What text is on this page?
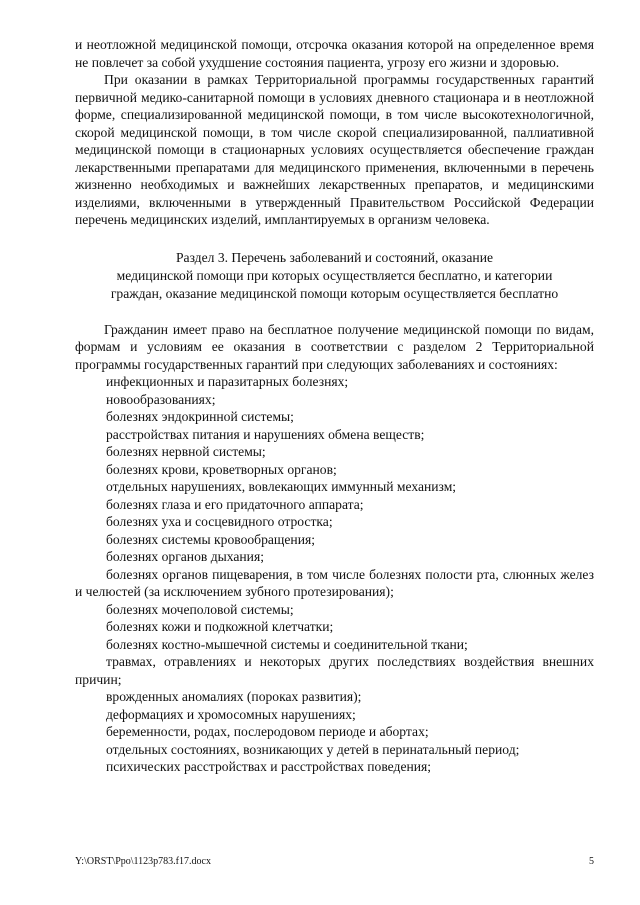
и неотложной медицинской помощи, отсрочка оказания которой на определенное время не повлечет за собой ухудшение состояния пациента, угрозу его жизни и здоровью.

При оказании в рамках Территориальной программы государственных гарантий первичной медико-санитарной помощи в условиях дневного стационара и в неотложной форме, специализированной медицинской помощи, в том числе высокотехнологичной, скорой медицинской помощи, в том числе скорой специализированной, паллиативной медицинской помощи в стационарных условиях осуществляется обеспечение граждан лекарственными препаратами для медицинского применения, включенными в перечень жизненно необходимых и важнейших лекарственных препаратов, и медицинскими изделиями, включенными в утвержденный Правительством Российской Федерации перечень медицинских изделий, имплантируемых в организм человека.

Раздел 3. Перечень заболеваний и состояний, оказание
медицинской помощи при которых осуществляется бесплатно, и категории
граждан, оказание медицинской помощи которым осуществляется бесплатно

Гражданин имеет право на бесплатное получение медицинской помощи по видам, формам и условиям ее оказания в соответствии с разделом 2 Территориальной программы государственных гарантий при следующих заболеваниях и состояниях:

инфекционных и паразитарных болезнях;

новообразованиях;

болезнях эндокринной системы;

расстройствах питания и нарушениях обмена веществ;

болезнях нервной системы;

болезнях крови, кроветворных органов;

отдельных нарушениях, вовлекающих иммунный механизм;

болезнях глаза и его придаточного аппарата;

болезнях уха и сосцевидного отростка;

болезнях системы кровообращения;

болезнях органов дыхания;

болезнях органов пищеварения, в том числе болезнях полости рта, слюнных желез и челюстей (за исключением зубного протезирования);

болезнях мочеполовой системы;

болезнях кожи и подкожной клетчатки;

болезнях костно-мышечной системы и соединительной ткани;

травмах, отравлениях и некоторых других последствиях воздействия внешних причин;

врожденных аномалиях (пороках развития);

деформациях и хромосомных нарушениях;

беременности, родах, послеродовом периоде и абортах;

отдельных состояниях, возникающих у детей в перинатальный период;

психических расстройствах и расстройствах поведения;

Y:\ORST\Ppo\1123p783.f17.docx	5
